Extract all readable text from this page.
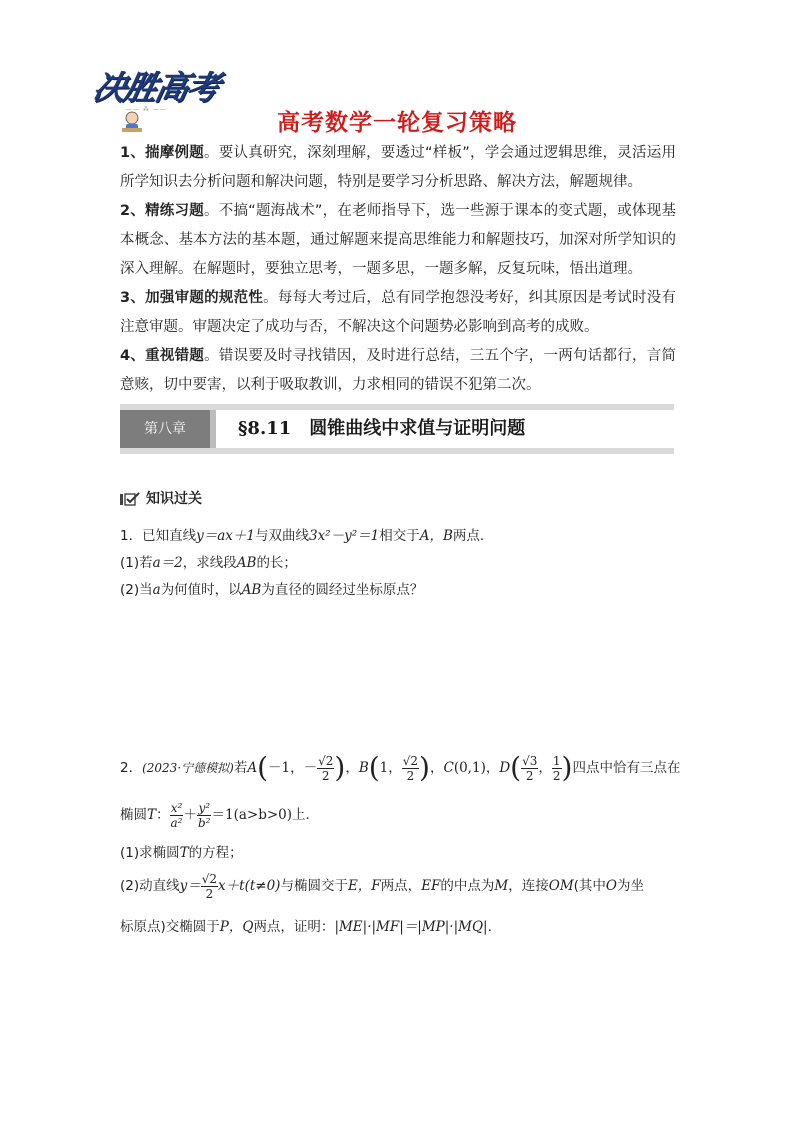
决胜高考
—— ⁂ ——
高考数学一轮复习策略
1、揣摩例题。要认真研究，深刻理解，要透过“样板”，学会通过逻辑思维，灵活运用所学知识去分析问题和解决问题，特别是要学习分析思路、解决方法，解题规律。
2、精练习题。不搞“题海战术”，在老师指导下，选一些源于课本的变式题，或体现基本概念、基本方法的基本题，通过解题来提高思维能力和解题技巧，加深对所学知识的深入理解。在解题时，要独立思考，一题多思，一题多解，反复玩味，悟出道理。
3、加强审题的规范性。每每大考过后，总有同学抱怨没考好，纠其原因是考试时没有注意审题。审题决定了成功与否，不解决这个问题势必影响到高考的成败。
4、重视错题。错误要及时寻找错因，及时进行总结，三五个字，一两句话都行，言简意赅，切中要害，以利于吸取教训，力求相同的错误不犯第二次。
第八章	§8.11　圆锥曲线中求值与证明问题
知识过关
1．已知直线y＝ax＋1与双曲线3x²－y²＝1相交于A，B两点．
(1)若a＝2，求线段AB的长；
(2)当a为何值时，以AB为直径的圆经过坐标原点？
2．(2023·宁德模拟)若A(－1，－ $\frac{√2}{2}$ )，B(1， $\frac{√2}{2}$ )，C(0,1)，$D( \frac{√3}{2}$ ， $\frac{1}{2}$ )四点中恰有三点在
椭圆T： $\frac{\text{x²}}{\text{a²}} + \frac{\text{y²}}{\text{b²}} =1(a>b>0)$上．
(1)求椭圆T的方程；
(2)动直线$y= \frac{√2}{2} x+t(t\ne 0)$与椭圆交于E，F两点，EF的中点为M，连接OM(其中O为坐
标原点)交椭圆于P，Q两点，证明：|ME|·|MF|＝|MP|·|MQ|.
